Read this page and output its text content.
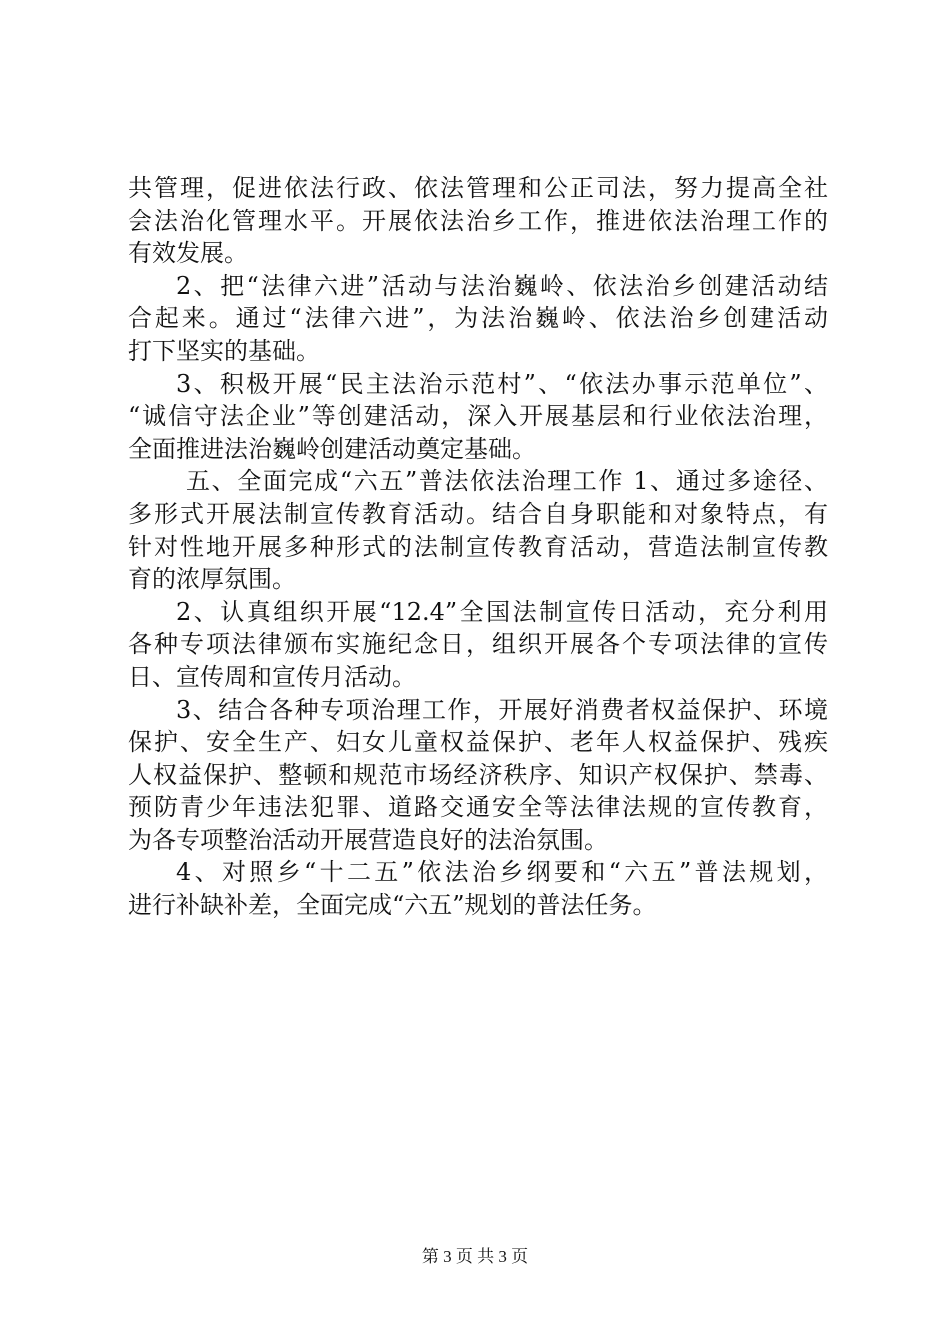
共管理，促进依法行政、依法管理和公正司法，努力提高全社
会法治化管理水平。开展依法治乡工作，推进依法治理工作的
有效发展。
2、把“法律六进”活动与法治巍岭、依法治乡创建活动结
合起来。通过“法律六进”，为法治巍岭、依法治乡创建活动
打下坚实的基础。
3、积极开展“民主法治示范村”、“依法办事示范单位”、
“诚信守法企业”等创建活动，深入开展基层和行业依法治理，
全面推进法治巍岭创建活动奠定基础。
五、全面完成“六五”普法依法治理工作 1、通过多途径、
多形式开展法制宣传教育活动。结合自身职能和对象特点，有
针对性地开展多种形式的法制宣传教育活动，营造法制宣传教
育的浓厚氛围。
2、认真组织开展“12.4”全国法制宣传日活动，充分利用
各种专项法律颁布实施纪念日，组织开展各个专项法律的宣传
日、宣传周和宣传月活动。
3、结合各种专项治理工作，开展好消费者权益保护、环境
保护、安全生产、妇女儿童权益保护、老年人权益保护、残疾
人权益保护、整顿和规范市场经济秩序、知识产权保护、禁毒、
预防青少年违法犯罪、道路交通安全等法律法规的宣传教育，
为各专项整治活动开展营造良好的法治氛围。
4、对照乡“十二五”依法治乡纲要和“六五”普法规划，
进行补缺补差，全面完成“六五”规划的普法任务。
第 3 页 共 3 页
